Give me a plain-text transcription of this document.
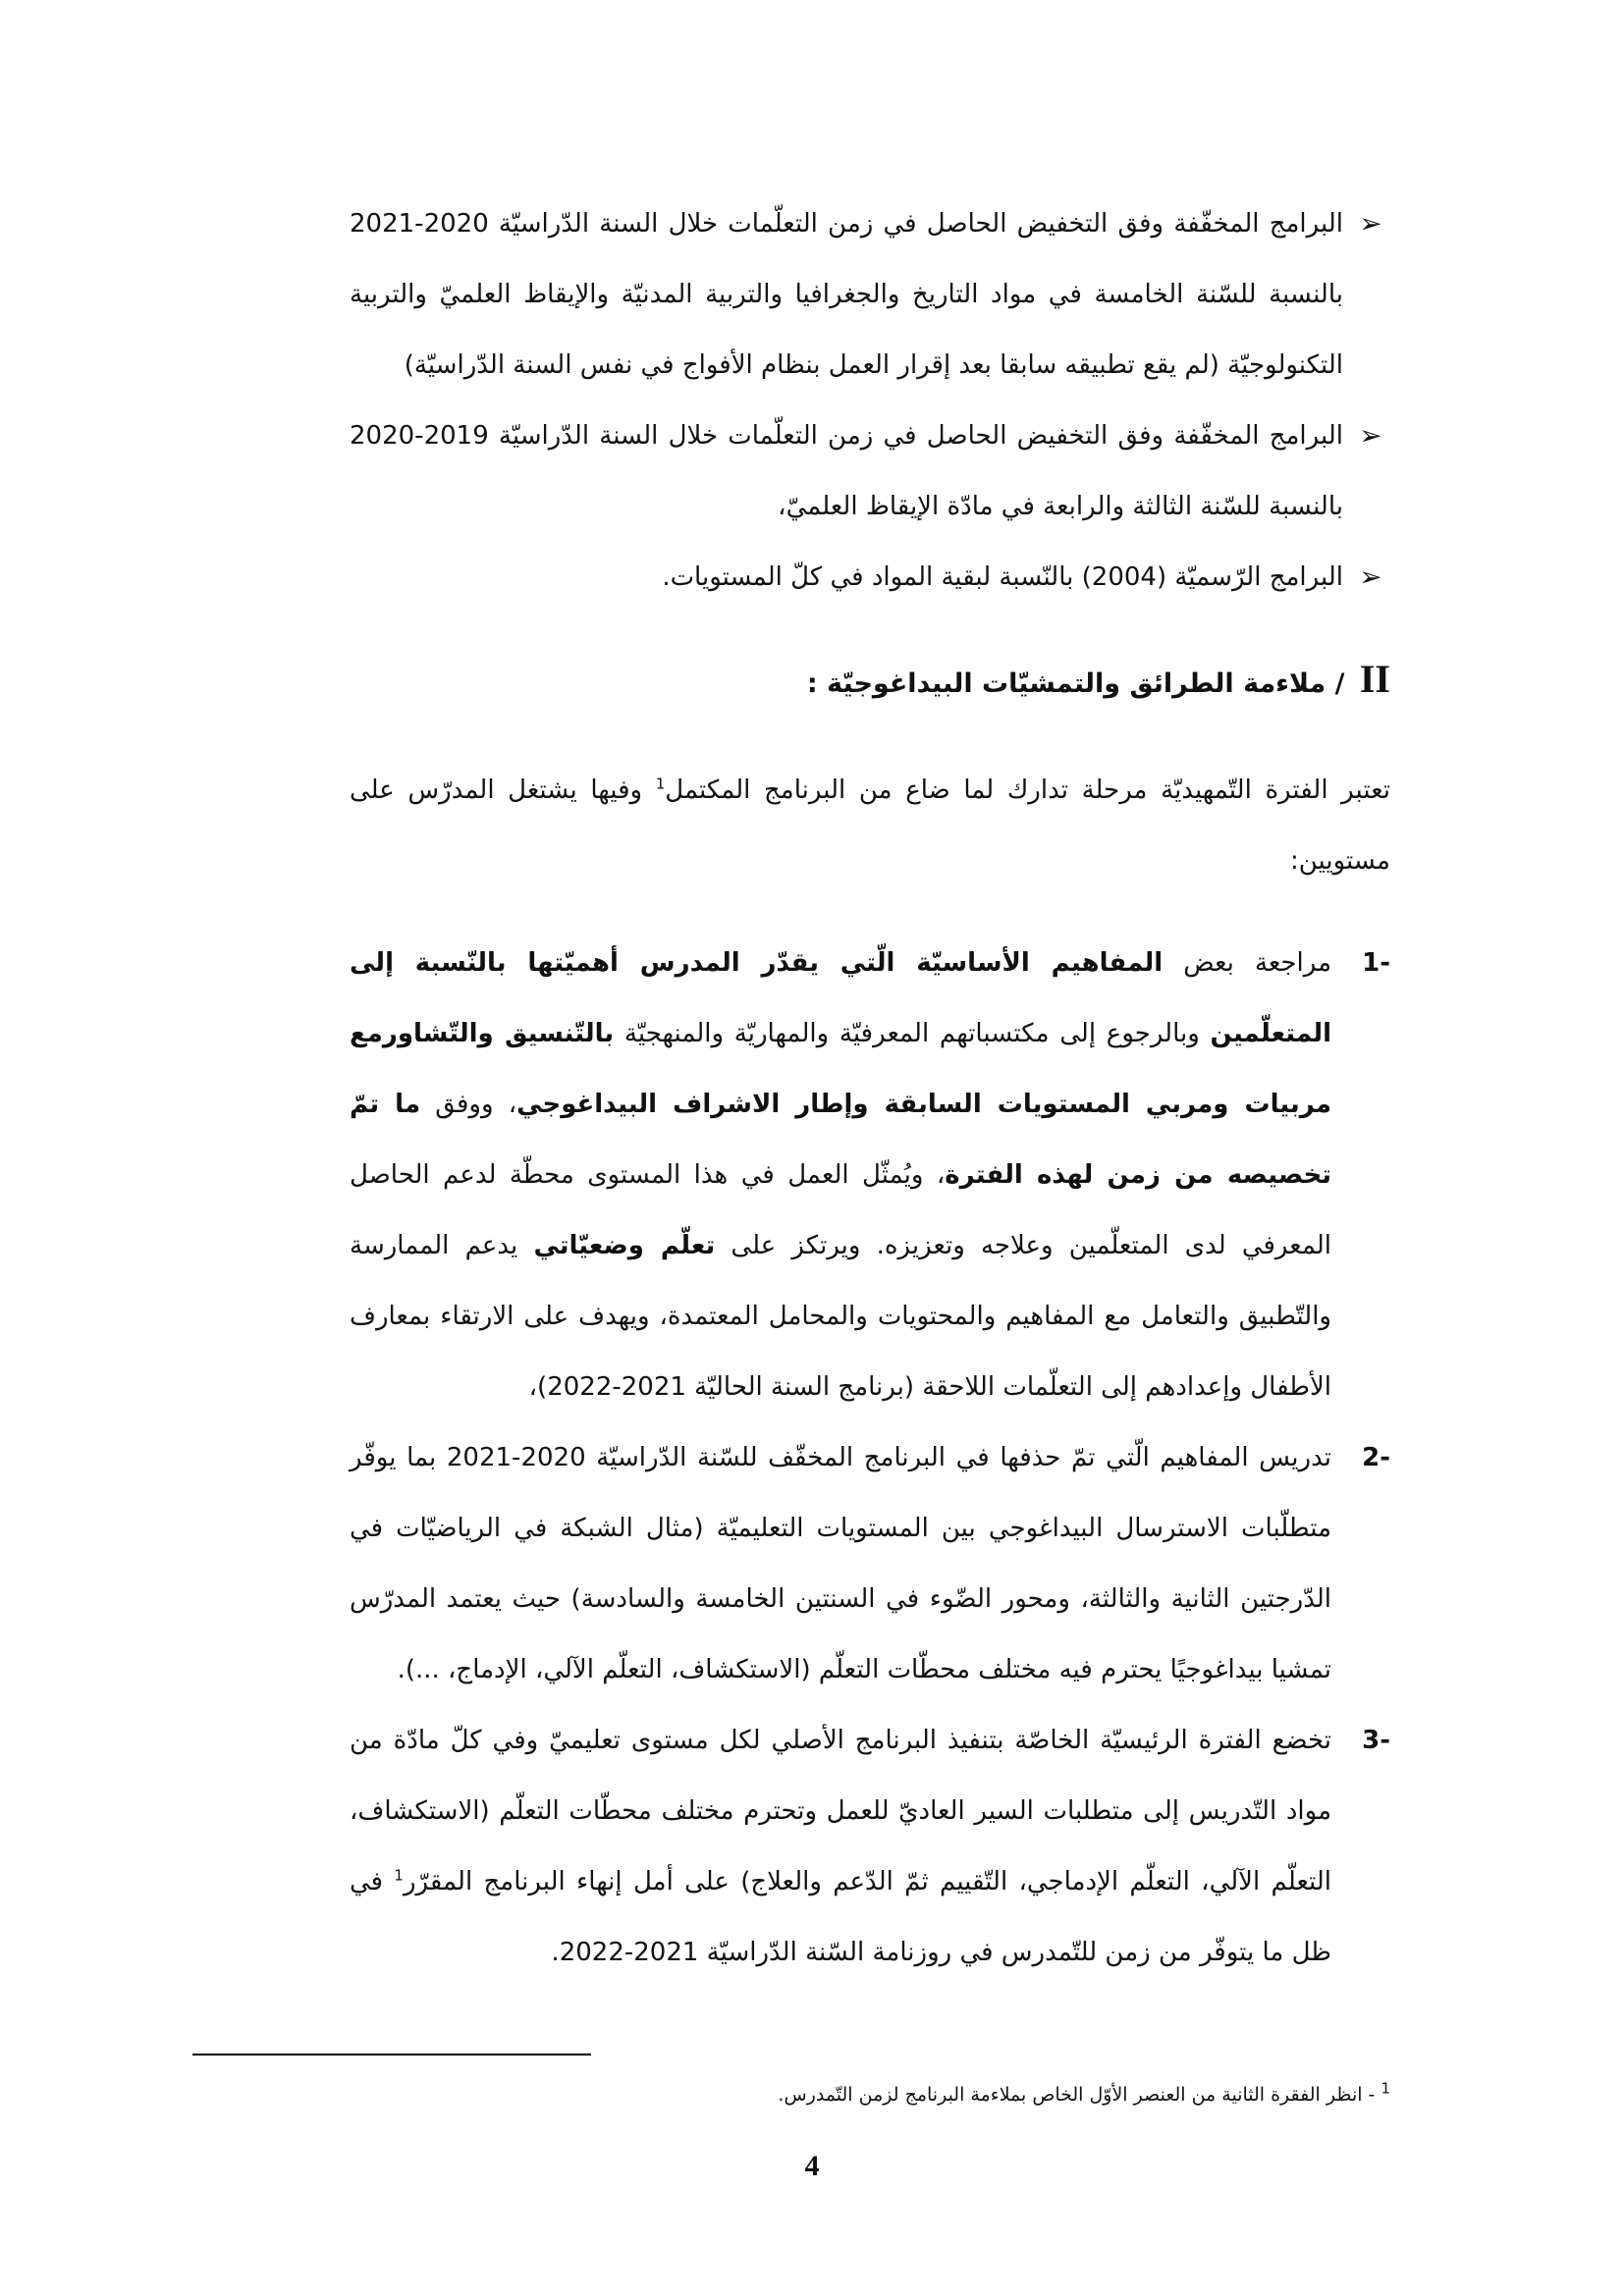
➢
البرامج المخفّفة وفق التخفيض الحاصل في زمن التعلّمات خلال السنة الدّراسيّة 2020-2021 بالنسبة للسّنة الخامسة في مواد التاريخ والجغرافيا والتربية المدنيّة والإيقاظ العلميّ والتربية التكنولوجيّة (لم يقع تطبيقه سابقا بعد إقرار العمل بنظام الأفواج في نفس السنة الدّراسيّة)
➢
البرامج المخفّفة وفق التخفيض الحاصل في زمن التعلّمات خلال السنة الدّراسيّة 2019-2020 بالنسبة للسّنة الثالثة والرابعة في مادّة الإيقاظ العلميّ،
➢
البرامج الرّسميّة (2004) بالنّسبة لبقية المواد في كلّ المستويات.
II / ملاءمة الطرائق والتمشيّات البيداغوجيّة :

تعتبر الفترة التّمهيديّة مرحلة تدارك لما ضاع من البرنامج المكتمل$^1$ وفيها يشتغل المدرّس على مستويين:

-1
مراجعة بعض المفاهيم الأساسيّة الّتي يقدّر المدرس أهميّتها بالنّسبة إلى المتعلّمين وبالرجوع إلى مكتسباتهم المعرفيّة والمهاريّة والمنهجيّة بالتّنسيق والتّشاورمع مربيات ومربي المستويات السابقة وإطار الاشراف البيداغوجي، ووفق ما تمّ تخصيصه من زمن لهذه الفترة، ويُمثّل العمل في هذا المستوى محطّة لدعم الحاصل المعرفي لدى المتعلّمين وعلاجه وتعزيزه. ويرتكز على تعلّم وضعيّاتي يدعم الممارسة والتّطبيق والتعامل مع المفاهيم والمحتويات والمحامل المعتمدة، ويهدف على الارتقاء بمعارف الأطفال وإعدادهم إلى التعلّمات اللاحقة (برنامج السنة الحاليّة 2021-2022)،
-2
تدريس المفاهيم الّتي تمّ حذفها في البرنامج المخفّف للسّنة الدّراسيّة 2020-2021 بما يوفّر متطلّبات الاسترسال البيداغوجي بين المستويات التعليميّة (مثال الشبكة في الرياضيّات في الدّرجتين الثانية والثالثة، ومحور الضّوء في السنتين الخامسة والسادسة) حيث يعتمد المدرّس تمشيا بيداغوجيًا يحترم فيه مختلف محطّات التعلّم (الاستكشاف، التعلّم الآلي، الإدماج، ...).
-3
تخضع الفترة الرئيسيّة الخاصّة بتنفيذ البرنامج الأصلي لكل مستوى تعليميّ وفي كلّ مادّة من مواد التّدريس إلى متطلبات السير العاديّ للعمل وتحترم مختلف محطّات التعلّم (الاستكشاف، التعلّم الآلي، التعلّم الإدماجي، التّقييم ثمّ الدّعم والعلاج) على أمل إنهاء البرنامج المقرّر$^1$ في ظل ما يتوفّر من زمن للتّمدرس في روزنامة السّنة الدّراسيّة 2021-2022.
$^1$ - انظر الفقرة الثانية من العنصر الأوّل الخاص بملاءمة البرنامج لزمن التّمدرس.
4
